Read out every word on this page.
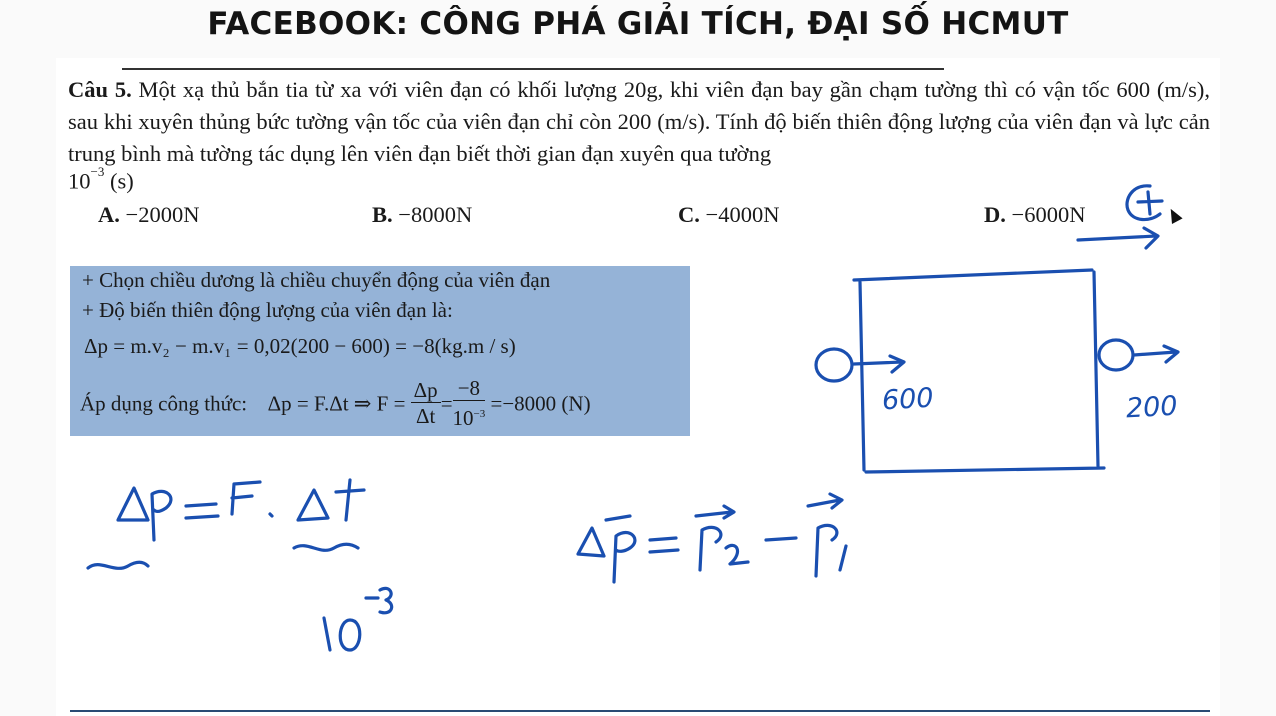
FACEBOOK: CÔNG PHÁ GIẢI TÍCH, ĐẠI SỐ HCMUT
Câu 5. Một xạ thủ bắn tia từ xa với viên đạn có khối lượng 20g, khi viên đạn bay gần chạm tường thì có vận tốc 600 (m/s), sau khi xuyên thủng bức tường vận tốc của viên đạn chỉ còn 200 (m/s). Tính độ biến thiên động lượng của viên đạn và lực cản trung bình mà tường tác dụng lên viên đạn biết thời gian đạn xuyên qua tường
$10^{-3}$ (s)
A. −2000N	B. −8000N	C. −4000N	D. −6000N
+ Chọn chiều dương là chiều chuyển động của viên đạn
+ Độ biến thiên động lượng của viên đạn là:
Δp = m.v₂ − m.v₁ = 0,02(200 − 600) = −8(kg.m / s)
Áp dụng công thức: Δp = F.Δt ⇒ $F = \frac{\Delta p}{\Delta t} = \frac{-8}{10^{-3}} =-8000$ (N)	600	200
